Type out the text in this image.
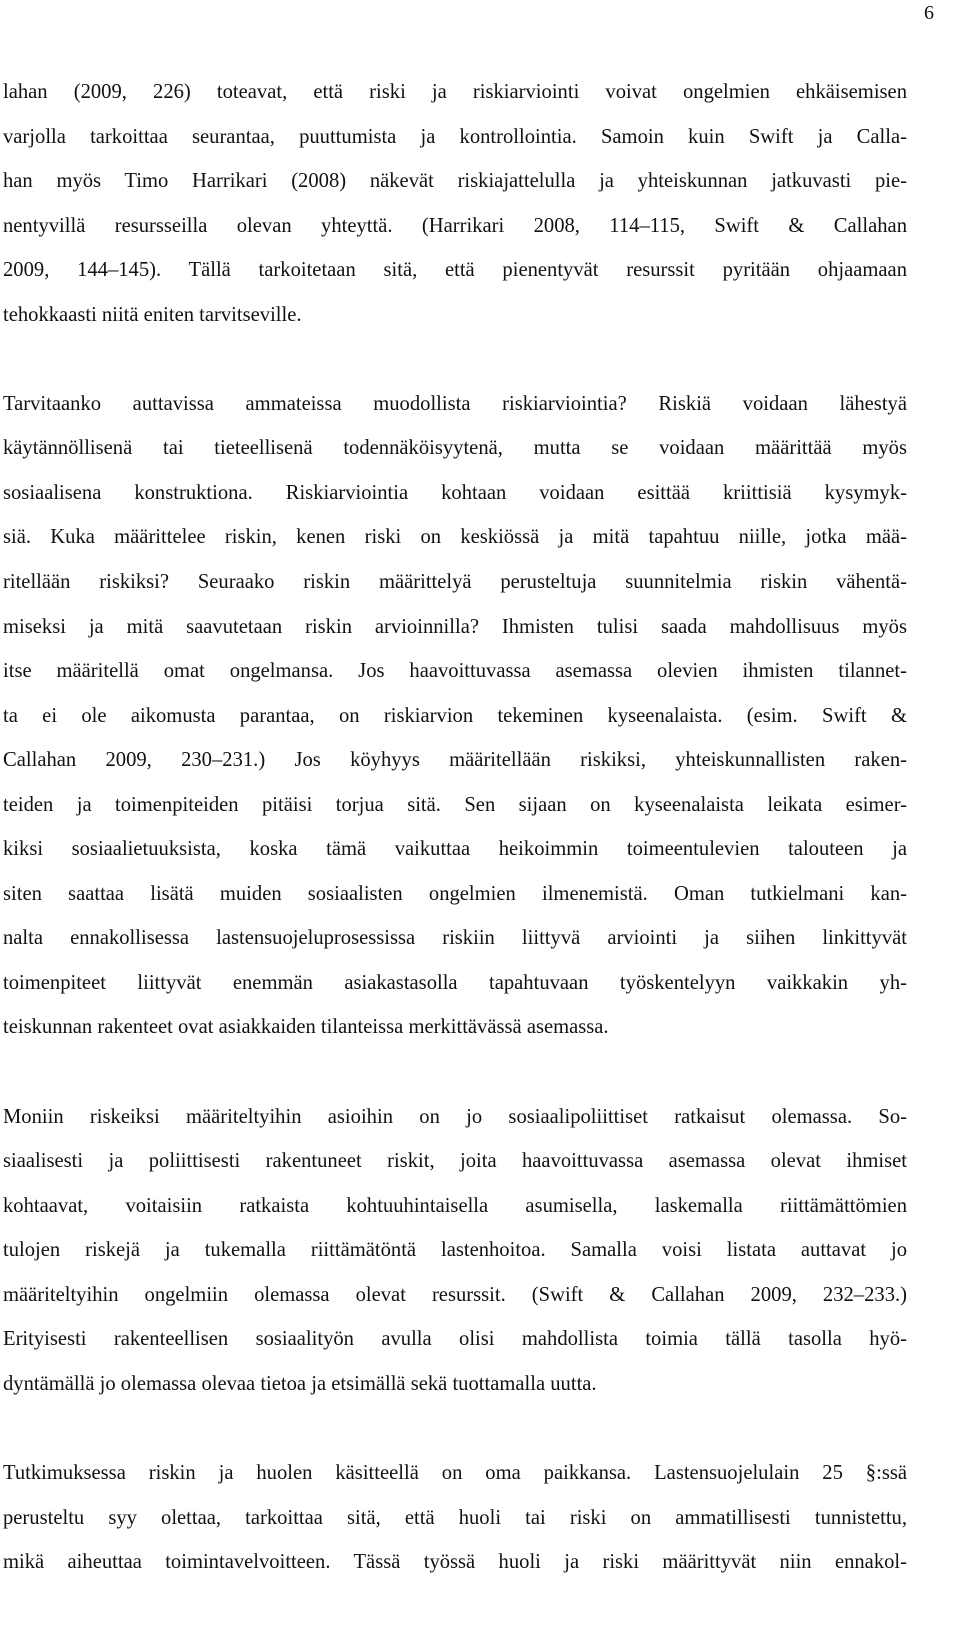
6
lahan (2009, 226) toteavat, että riski ja riskiarviointi voivat ongelmien ehkäisemisen
varjolla tarkoittaa seurantaa, puuttumista ja kontrollointia. Samoin kuin Swift ja Calla-
han myös Timo Harrikari (2008) näkevät riskiajattelulla ja yhteiskunnan jatkuvasti pie-
nentyvillä resursseilla olevan yhteyttä. (Harrikari 2008, 114–115, Swift & Callahan
2009, 144–145). Tällä tarkoitetaan sitä, että pienentyvät resurssit pyritään ohjaamaan
tehokkaasti niitä eniten tarvitseville.
Tarvitaanko auttavissa ammateissa muodollista riskiarviointia? Riskiä voidaan lähestyä
käytännöllisenä tai tieteellisenä todennäköisyytenä, mutta se voidaan määrittää myös
sosiaalisena konstruktiona. Riskiarviointia kohtaan voidaan esittää kriittisiä kysymyk-
siä. Kuka määrittelee riskin, kenen riski on keskiössä ja mitä tapahtuu niille, jotka mää-
ritellään riskiksi? Seuraako riskin määrittelyä perusteltuja suunnitelmia riskin vähentä-
miseksi ja mitä saavutetaan riskin arvioinnilla? Ihmisten tulisi saada mahdollisuus myös
itse määritellä omat ongelmansa. Jos haavoittuvassa asemassa olevien ihmisten tilannet-
ta ei ole aikomusta parantaa, on riskiarvion tekeminen kyseenalaista. (esim. Swift &
Callahan 2009, 230–231.) Jos köyhyys määritellään riskiksi, yhteiskunnallisten raken-
teiden ja toimenpiteiden pitäisi torjua sitä. Sen sijaan on kyseenalaista leikata esimer-
kiksi sosiaalietuuksista, koska tämä vaikuttaa heikoimmin toimeentulevien talouteen ja
siten saattaa lisätä muiden sosiaalisten ongelmien ilmenemistä. Oman tutkielmani kan-
nalta ennakollisessa lastensuojeluprosessissa riskiin liittyvä arviointi ja siihen linkittyvät
toimenpiteet liittyvät enemmän asiakastasolla tapahtuvaan työskentelyyn vaikkakin yh-
teiskunnan rakenteet ovat asiakkaiden tilanteissa merkittävässä asemassa.
Moniin riskeiksi määriteltyihin asioihin on jo sosiaalipoliittiset ratkaisut olemassa. So-
siaalisesti ja poliittisesti rakentuneet riskit, joita haavoittuvassa asemassa olevat ihmiset
kohtaavat, voitaisiin ratkaista kohtuuhintaisella asumisella, laskemalla riittämättömien
tulojen riskejä ja tukemalla riittämätöntä lastenhoitoa. Samalla voisi listata auttavat jo
määriteltyihin ongelmiin olemassa olevat resurssit. (Swift & Callahan 2009, 232–233.)
Erityisesti rakenteellisen sosiaalityön avulla olisi mahdollista toimia tällä tasolla hyö-
dyntämällä jo olemassa olevaa tietoa ja etsimällä sekä tuottamalla uutta.
Tutkimuksessa riskin ja huolen käsitteellä on oma paikkansa. Lastensuojelulain 25 §:ssä
perusteltu syy olettaa, tarkoittaa sitä, että huoli tai riski on ammatillisesti tunnistettu,
mikä aiheuttaa toimintavelvoitteen. Tässä työssä huoli ja riski määrittyvät niin ennakol-
